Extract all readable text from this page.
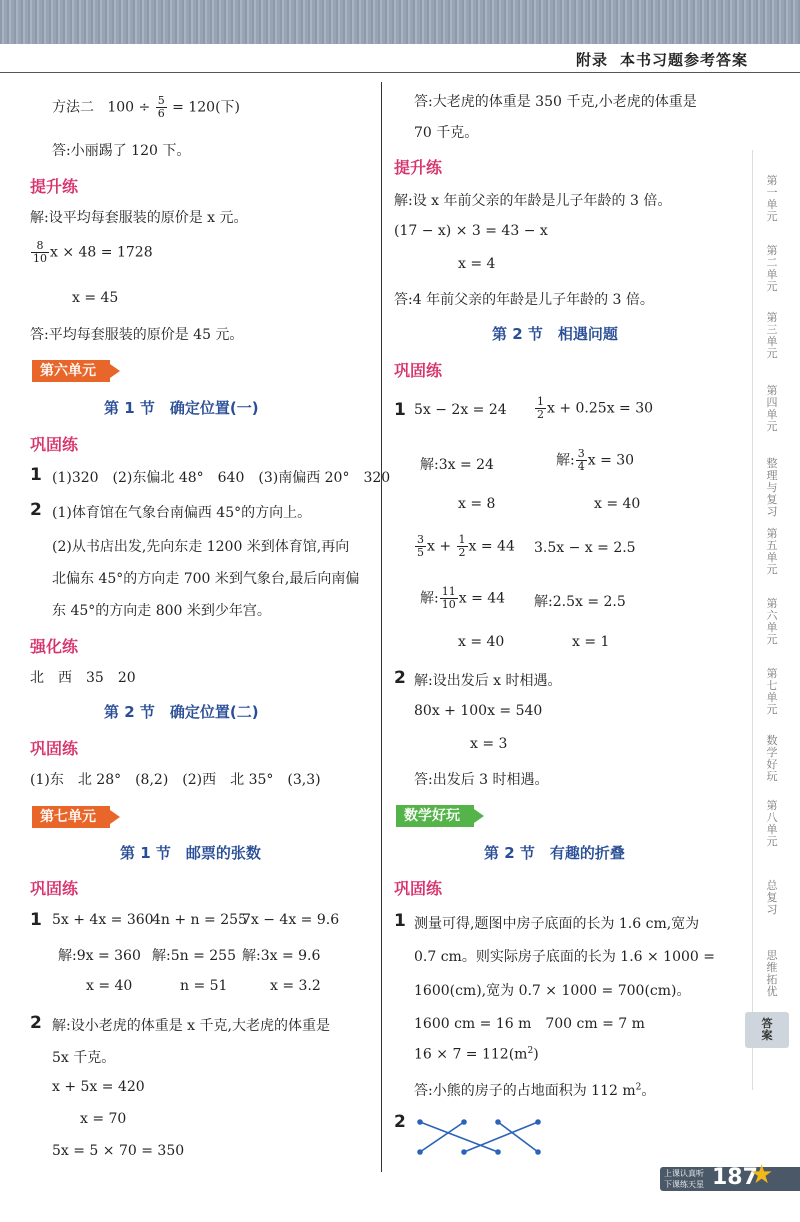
附录 本书习题参考答案
方法二 $100 \div \frac{5}{6} = 120$(下)
答:小丽踢了 120 下。
提升练
解:设平均每套服装的原价是 x 元。
$\frac{8}{10}$ x × 48 = 1728
x = 45
答:平均每套服装的原价是 45 元。
第六单元
第 1 节　确定位置(一)
巩固练
1 (1)320　(2)东偏北 48°　640　(3)南偏西 20°　320
2 (1)体育馆在气象台南偏西 45°的方向上。
(2)从书店出发,先向东走 1200 米到体育馆,再向
北偏东 45°的方向走 700 米到气象台,最后向南偏
东 45°的方向走 800 米到少年宫。
强化练
北　西　35　20
第 2 节　确定位置(二)
巩固练
(1)东　北 28°　(8,2)　(2)西　北 35°　(3,3)
第七单元
第 1 节　邮票的张数
巩固练
1 5x + 4x = 360
4n + n = 255
7x − 4x = 9.6
解:9x = 360 解:5n = 255 解:3x = 9.6
x = 40	n = 51	x = 3.2
2 解:设小老虎的体重是 x 千克,大老虎的体重是
5x 千克。
x + 5x = 420
x = 70
5x = 5 × 70 = 350
答:大老虎的体重是 350 千克,小老虎的体重是
70 千克。
提升练
解:设 x 年前父亲的年龄是儿子年龄的 3 倍。
(17 − x) × 3 = 43 − x
x = 4
答:4 年前父亲的年龄是儿子年龄的 3 倍。
第 2 节　相遇问题
巩固练
1 5x − 2x = 24	$\frac{1}{2}$ x + 0.25x = 30
解:3x = 24	解: $\frac{3}{4}$ x = 30
x = 8	x = 40
$\frac{3}{5}$ $x + \frac{1}{2}$ x = 44 3.5x − x = 2.5
解: $\frac{11}{10}$ x = 44 解:2.5x = 2.5
x = 40	x = 1
2 解:设出发后 x 时相遇。
80x + 100x = 540
x = 3
答:出发后 3 时相遇。
数学好玩
第 2 节　有趣的折叠
巩固练
1 测量可得,题图中房子底面的长为 1.6 cm,宽为
0.7 cm。则实际房子底面的长为 1.6 × 1000 =
1600(cm),宽为 0.7 × 1000 = 700(cm)。
1600 cm = 16 m　700 cm = 7 m
$16 \times 7 = 112(m^2)$
答:小熊的房子的占地面积为 112 $m^2$。
2
第
一
单
元
第
二
单
元
第
三
单
元
第
四
单
元
整
理
与
复
习
第
五
单
元
第
六
单
元
第
七
单
元
数
学
好
玩
第
八
单
元
总
复
习
思
维
拓
优
答
案
上课认真听
下课练天星 187
★
